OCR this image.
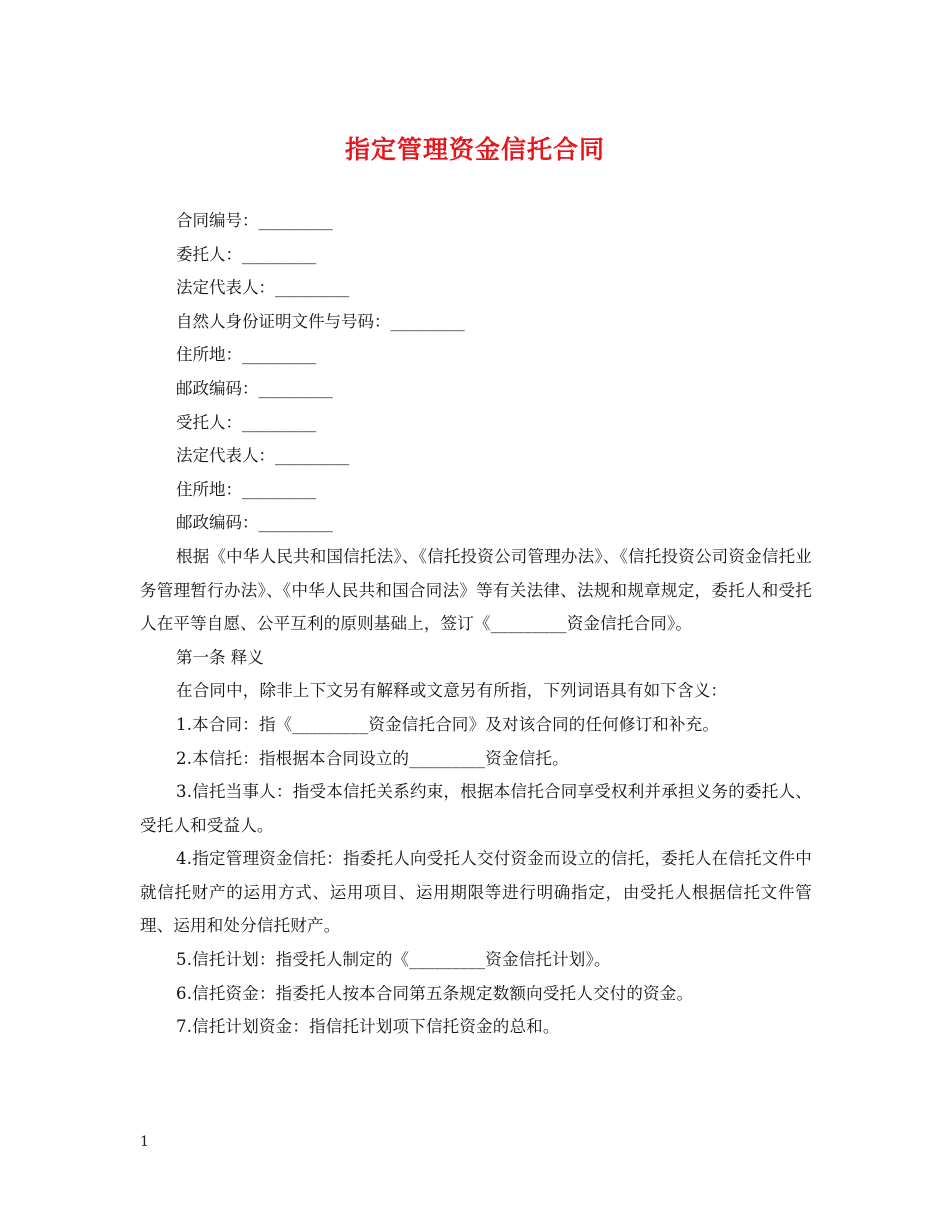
指定管理资金信托合同
合同编号：_________
委托人：_________
法定代表人：_________
自然人身份证明文件与号码：_________
住所地：_________
邮政编码：_________
受托人：_________
法定代表人：_________
住所地：_________
邮政编码：_________
根据《中华人民共和国信托法》、《信托投资公司管理办法》、《信托投资公司资金信托业务管理暂行办法》、《中华人民共和国合同法》等有关法律、法规和规章规定，委托人和受托人在平等自愿、公平互利的原则基础上，签订《_________资金信托合同》。
第一条 释义
在合同中，除非上下文另有解释或文意另有所指，下列词语具有如下含义：
1.本合同：指《_________资金信托合同》及对该合同的任何修订和补充。
2.本信托：指根据本合同设立的_________资金信托。
3.信托当事人：指受本信托关系约束，根据本信托合同享受权利并承担义务的委托人、受托人和受益人。
4.指定管理资金信托：指委托人向受托人交付资金而设立的信托，委托人在信托文件中就信托财产的运用方式、运用项目、运用期限等进行明确指定，由受托人根据信托文件管理、运用和处分信托财产。
5.信托计划：指受托人制定的《_________资金信托计划》。
6.信托资金：指委托人按本合同第五条规定数额向受托人交付的资金。
7.信托计划资金：指信托计划项下信托资金的总和。
1
